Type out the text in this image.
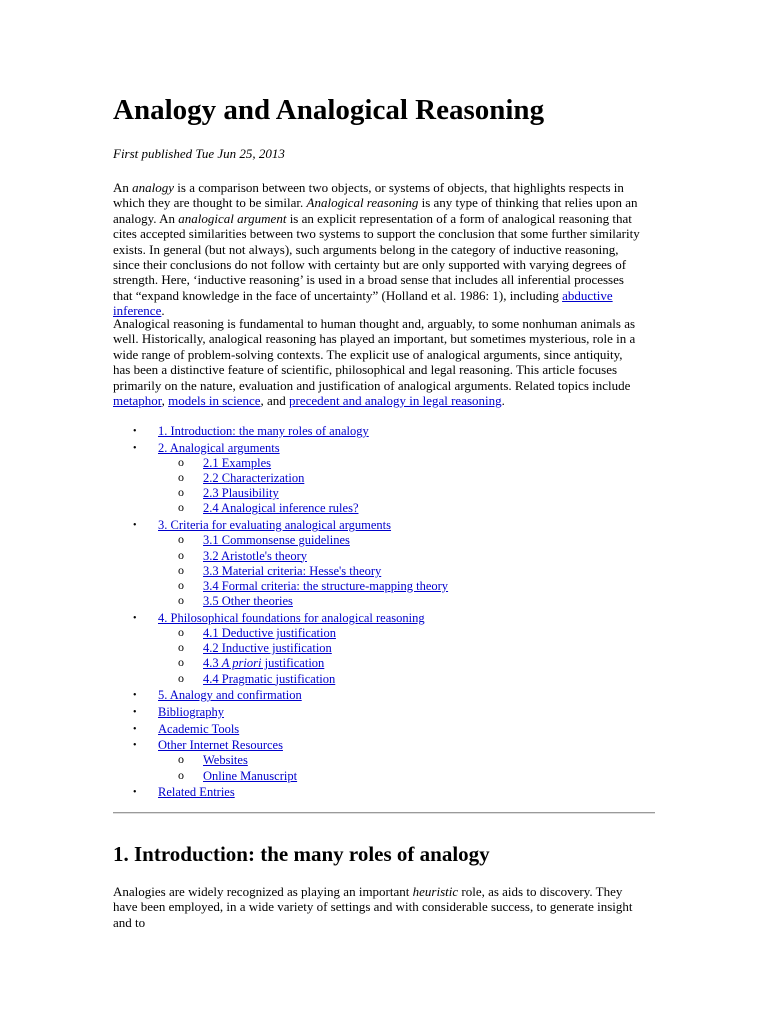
Analogy and Analogical Reasoning

First published Tue Jun 25, 2013

An analogy is a comparison between two objects, or systems of objects, that highlights respects in which they are thought to be similar. Analogical reasoning is any type of thinking that relies upon an analogy. An analogical argument is an explicit representation of a form of analogical reasoning that cites accepted similarities between two systems to support the conclusion that some further similarity exists. In general (but not always), such arguments belong in the category of inductive reasoning, since their conclusions do not follow with certainty but are only supported with varying degrees of strength. Here, ‘inductive reasoning’ is used in a broad sense that includes all inferential processes that “expand knowledge in the face of uncertainty” (Holland et al. 1986: 1), including abductive inference.

Analogical reasoning is fundamental to human thought and, arguably, to some nonhuman animals as well. Historically, analogical reasoning has played an important, but sometimes mysterious, role in a wide range of problem-solving contexts. The explicit use of analogical arguments, since antiquity, has been a distinctive feature of scientific, philosophical and legal reasoning. This article focuses primarily on the nature, evaluation and justification of analogical arguments. Related topics include metaphor, models in science, and precedent and analogy in legal reasoning.

• 1. Introduction: the many roles of analogy
• 2. Analogical arguments
o 2.1 Examples
o 2.2 Characterization
o 2.3 Plausibility
o 2.4 Analogical inference rules?
• 3. Criteria for evaluating analogical arguments
o 3.1 Commonsense guidelines
o 3.2 Aristotle's theory
o 3.3 Material criteria: Hesse's theory
o 3.4 Formal criteria: the structure-mapping theory
o 3.5 Other theories
• 4. Philosophical foundations for analogical reasoning
o 4.1 Deductive justification
o 4.2 Inductive justification
o 4.3 A priori justification
o 4.4 Pragmatic justification
• 5. Analogy and confirmation
• Bibliography
• Academic Tools
• Other Internet Resources
o Websites
o Online Manuscript
• Related Entries
1. Introduction: the many roles of analogy

Analogies are widely recognized as playing an important heuristic role, as aids to discovery. They have been employed, in a wide variety of settings and with considerable success, to generate insight and to
